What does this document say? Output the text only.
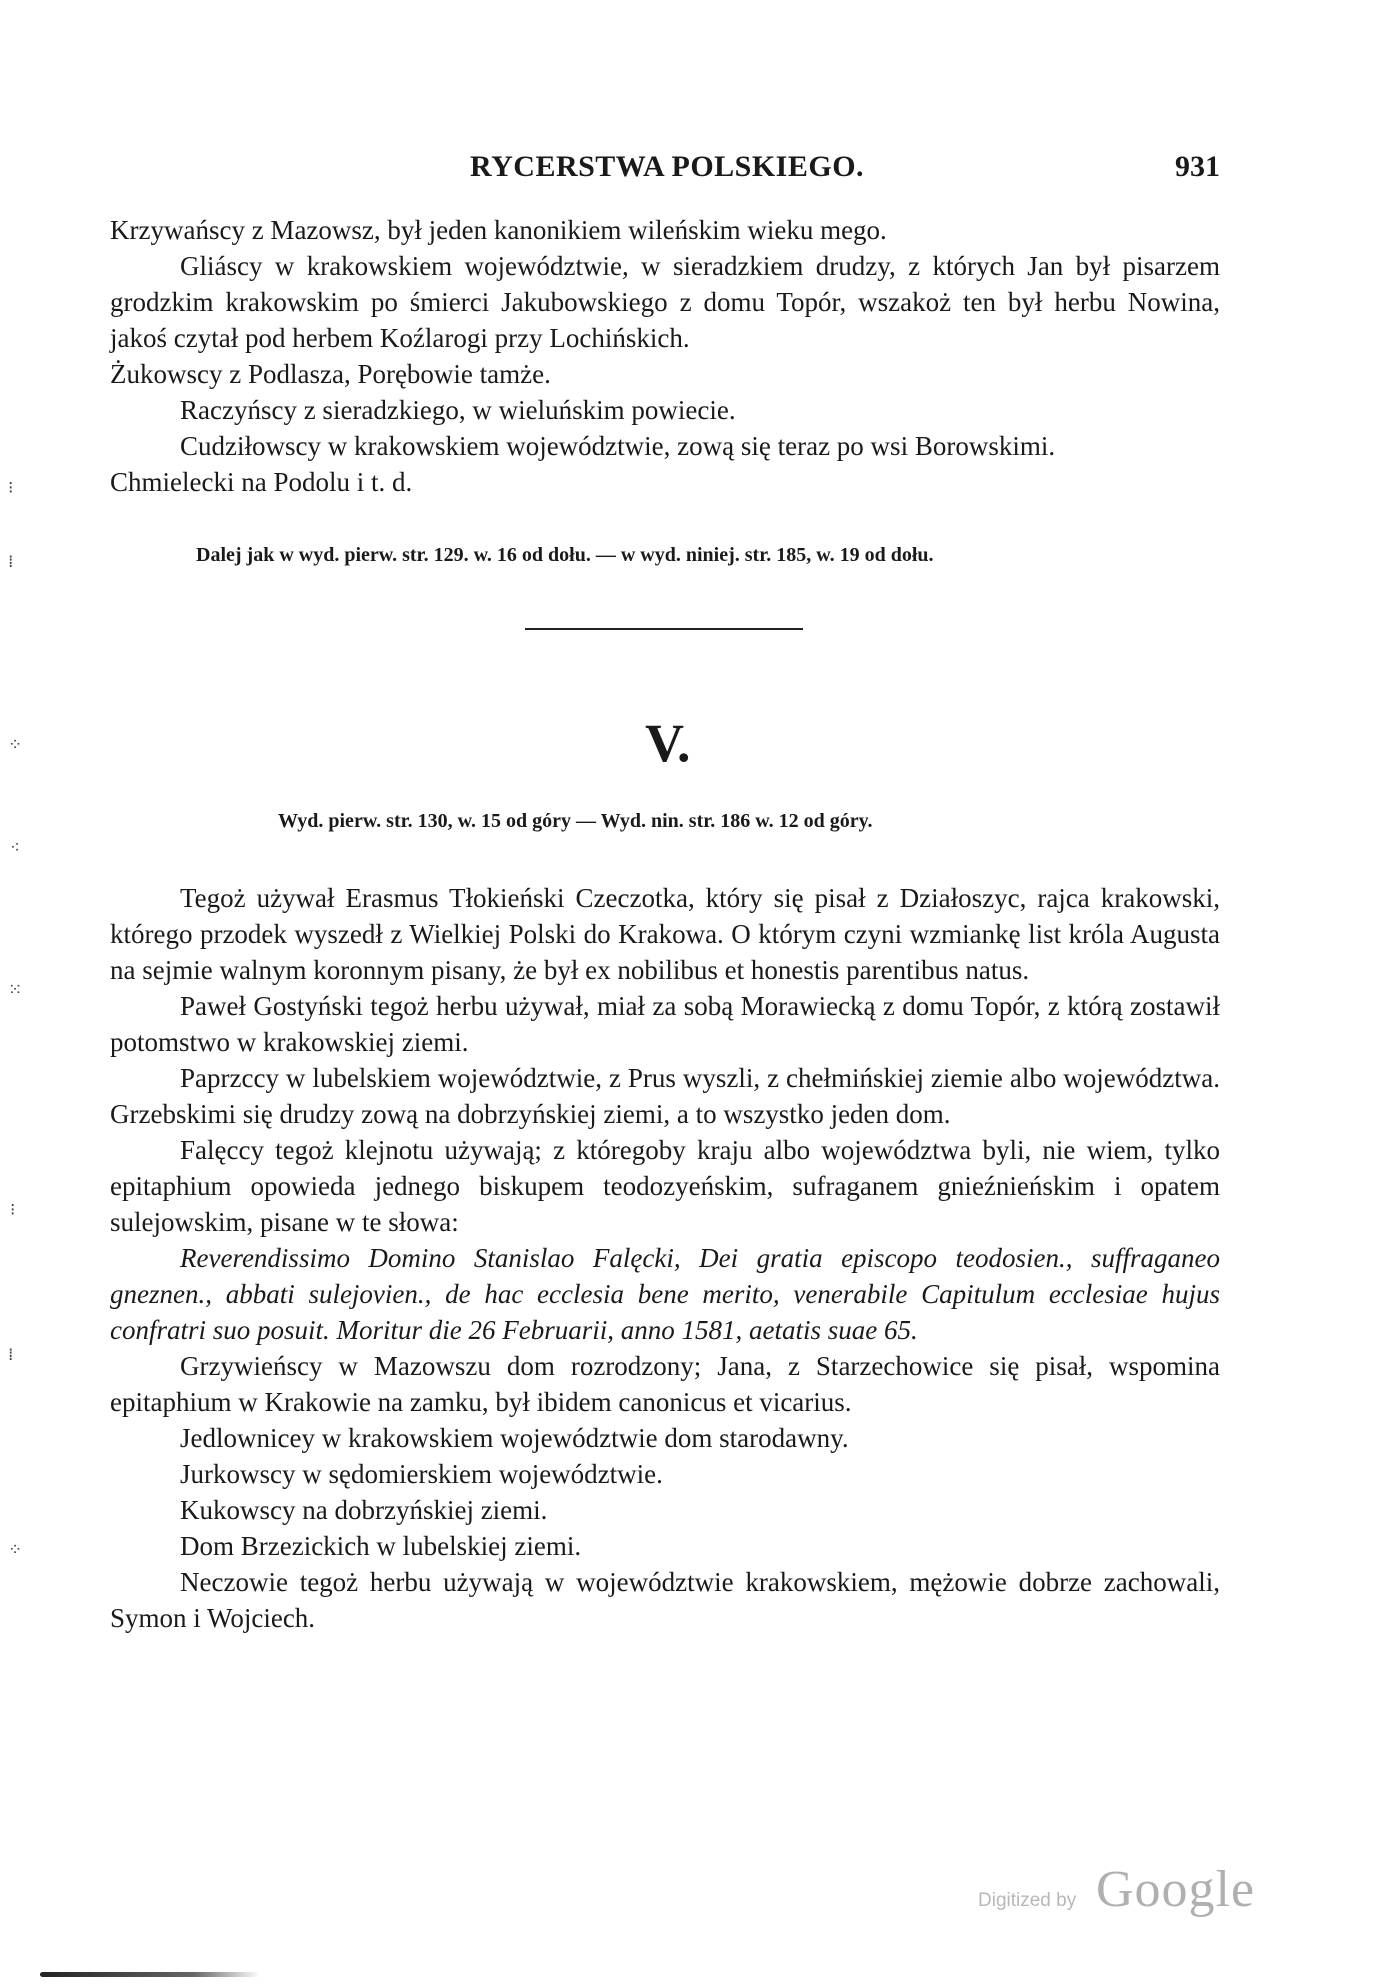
RYCERSTWA POLSKIEGO.	931

Krzywańscy z Mazowsz, był jeden kanonikiem wileńskim wieku mego.

Gliáscy w krakowskiem województwie, w sieradzkiem drudzy, z których Jan był pisarzem grodzkim krakowskim po śmierci Jakubowskiego z domu Topór, wszakoż ten był herbu Nowina, jakoś czytał pod herbem Koźlarogi przy Lochińskich.

Żukowscy z Podlasza, Porębowie tamże.

Raczyńscy z sieradzkiego, w wieluńskim powiecie.

Cudziłowscy w krakowskiem województwie, zową się teraz po wsi Borowskimi.

Chmielecki na Podolu i t. d.

Dalej jak w wyd. pierw. str. 129. w. 16 od dołu. — w wyd. niniej. str. 185, w. 19 od dołu.
V.
Wyd. pierw. str. 130, w. 15 od góry — Wyd. nin. str. 186 w. 12 od góry.

Tegoż używał Erasmus Tłokieński Czeczotka, który się pisał z Działoszyc, rajca krakowski, którego przodek wyszedł z Wielkiej Polski do Krakowa. O którym czyni wzmiankę list króla Augusta na sejmie walnym koronnym pisany, że był ex nobilibus et honestis parentibus natus.

Paweł Gostyński tegoż herbu używał, miał za sobą Morawiecką z domu Topór, z którą zostawił potomstwo w krakowskiej ziemi.

Paprzccy w lubelskiem województwie, z Prus wyszli, z chełmińskiej ziemie albo województwa. Grzebskimi się drudzy zową na dobrzyńskiej ziemi, a to wszystko jeden dom.

Falęccy tegoż klejnotu używają; z któregoby kraju albo województwa byli, nie wiem, tylko epitaphium opowieda jednego biskupem teodozyeńskim, sufraganem gnieźnieńskim i opatem sulejowskim, pisane w te słowa:

Reverendissimo Domino Stanislao Falęcki, Dei gratia episcopo teodosien., suffraganeo gneznen., abbati sulejovien., de hac ecclesia bene merito, venerabile Capitulum ecclesiae hujus confratri suo posuit. Moritur die 26 Februarii, anno 1581, aetatis suae 65.

Grzywieńscy w Mazowszu dom rozrodzony; Jana, z Starzechowice się pisał, wspomina epitaphium w Krakowie na zamku, był ibidem canonicus et vicarius.

Jedlownicey w krakowskiem województwie dom starodawny.

Jurkowscy w sędomierskiem województwie.

Kukowscy na dobrzyńskiej ziemi.

Dom Brzezickich w lubelskiej ziemi.

Neczowie tegoż herbu używają w województwie krakowskiem, mężowie dobrze zachowali, Symon i Wojciech.

⁝
⁞
⁘
⁖
⁙
⁝
⁞
⁘
Digitized by Google
